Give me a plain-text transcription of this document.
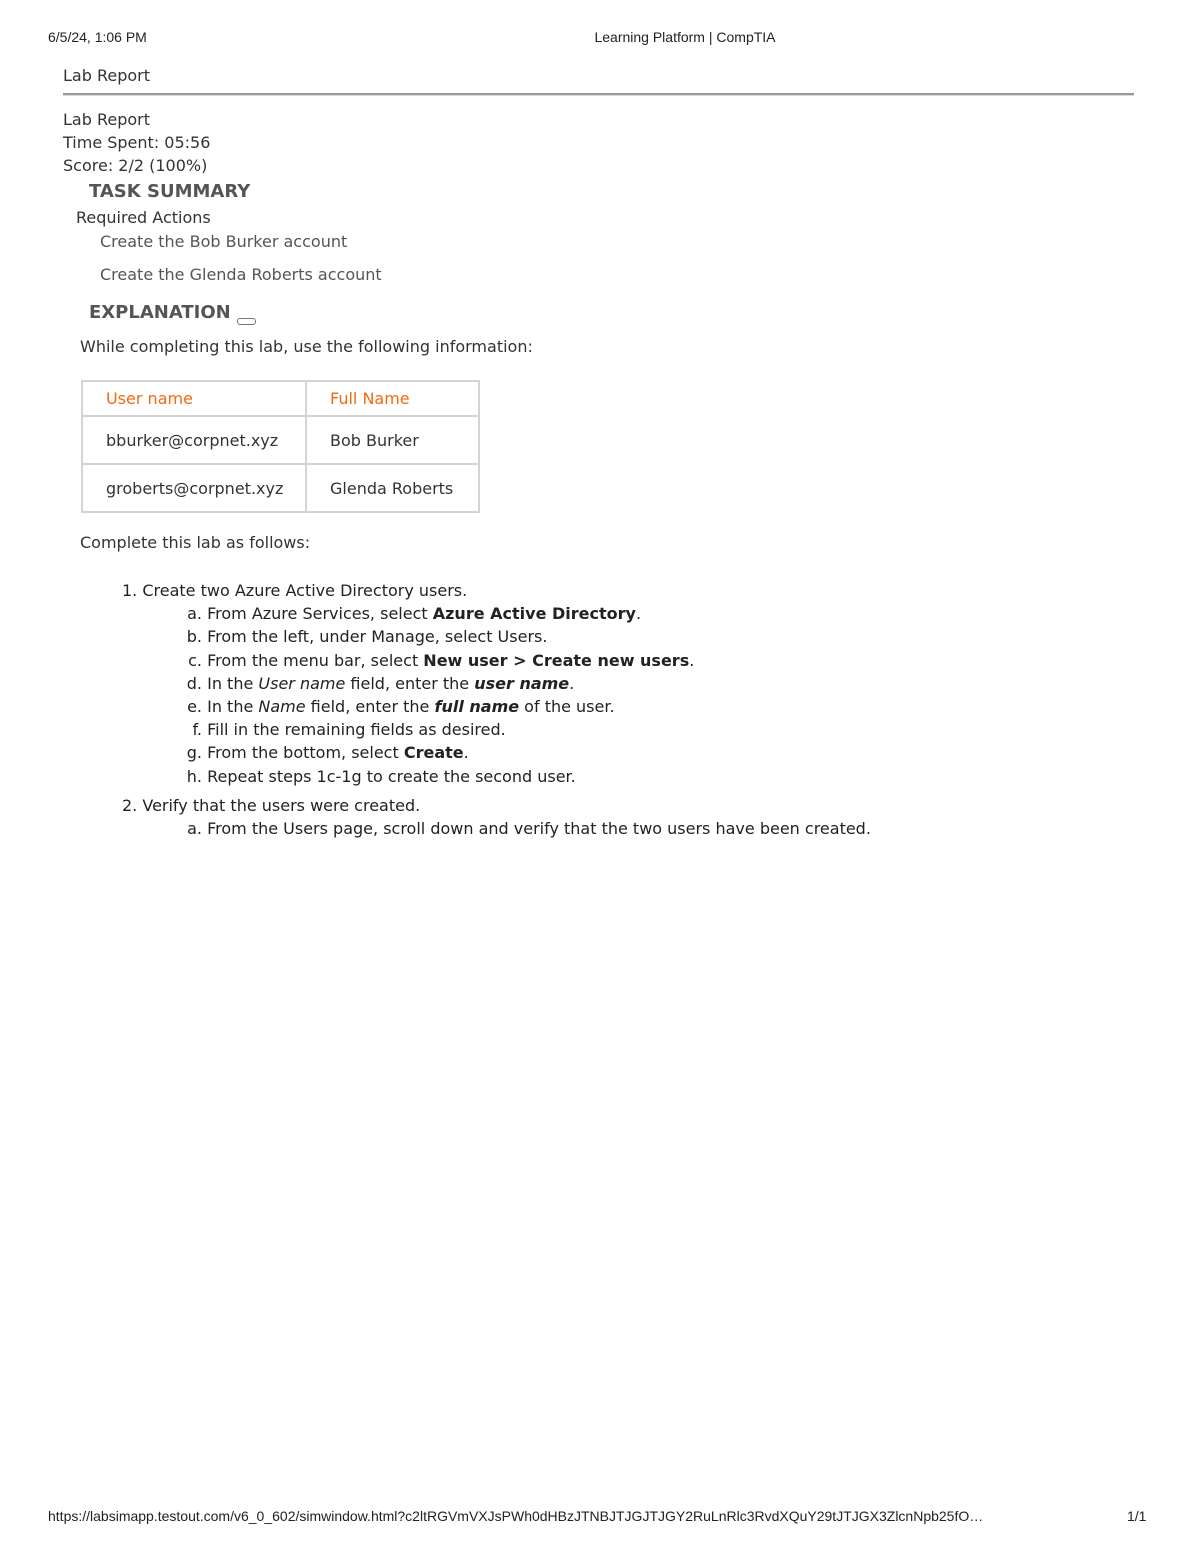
6/5/24, 1:06 PM	Learning Platform | CompTIA
Lab Report
Lab Report
Time Spent: 05:56
Score: 2/2 (100%)
TASK SUMMARY
Required Actions
Create the Bob Burker account
Create the Glenda Roberts account
EXPLANATION
While completing this lab, use the following information:
User name	Full Name
bburker@corpnet.xyz	Bob Burker
groberts@corpnet.xyz	Glenda Roberts
Complete this lab as follows:
1. Create two Azure Active Directory users.
a. From Azure Services, select Azure Active Directory.
b. From the left, under Manage, select Users.
c. From the menu bar, select New user > Create new users.
d. In the User name field, enter the user name.
e. In the Name field, enter the full name of the user.
f. Fill in the remaining fields as desired.
g. From the bottom, select Create.
h. Repeat steps 1c-1g to create the second user.
2. Verify that the users were created.
a. From the Users page, scroll down and verify that the two users have been created.
https://labsimapp.testout.com/v6_0_602/simwindow.html?c2ltRGVmVXJsPWh0dHBzJTNBJTJGJTJGY2RuLnRlc3RvdXQuY29tJTJGX3ZlcnNpb25fO…	1/1
